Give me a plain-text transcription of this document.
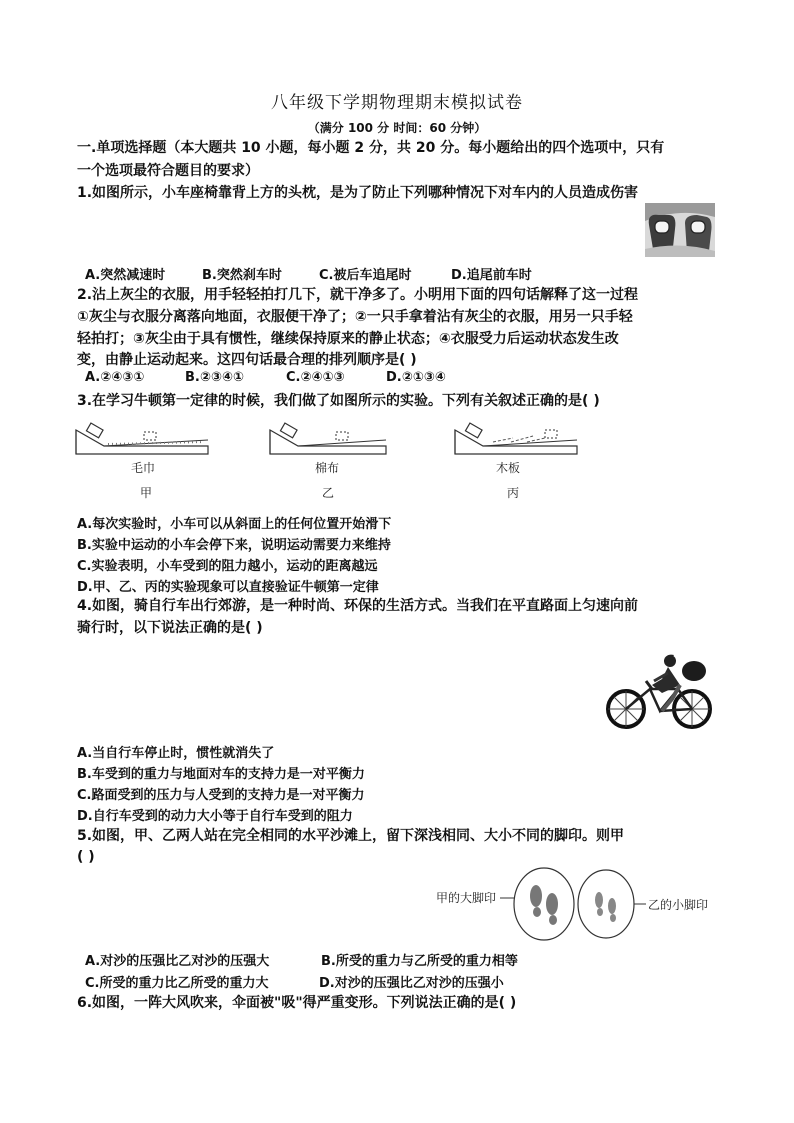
八年级下学期物理期末模拟试卷
（满分 100 分 时间：60 分钟）
一.单项选择题（本大题共 10 小题，每小题 2 分，共 20 分。每小题给出的四个选项中，只有
一个选项最符合题目的要求）
1.如图所示，小车座椅靠背上方的头枕，是为了防止下列哪种情况下对车内的人员造成伤害
A.突然减速时	B.突然刹车时	C.被后车追尾时	D.追尾前车时
2.沾上灰尘的衣服，用手轻轻拍打几下，就干净多了。小明用下面的四句话解释了这一过程
①灰尘与衣服分离落向地面，衣服便干净了；②一只手拿着沾有灰尘的衣服，用另一只手轻
轻拍打；③灰尘由于具有惯性，继续保持原来的静止状态；④衣服受力后运动状态发生改
变，由静止运动起来。这四句话最合理的排列顺序是( )
A.②④③①	B.②③④①	C.②④①③	D.②①③④
3.在学习牛顿第一定律的时候，我们做了如图所示的实验。下列有关叙述正确的是( )
毛巾	棉布	木板
甲	乙	丙
A.每次实验时，小车可以从斜面上的任何位置开始滑下
B.实验中运动的小车会停下来，说明运动需要力来维持
C.实验表明，小车受到的阻力越小，运动的距离越远
D.甲、乙、丙的实验现象可以直接验证牛顿第一定律
4.如图，骑自行车出行郊游，是一种时尚、环保的生活方式。当我们在平直路面上匀速向前
骑行时，以下说法正确的是( )
A.当自行车停止时，惯性就消失了
B.车受到的重力与地面对车的支持力是一对平衡力
C.路面受到的压力与人受到的支持力是一对平衡力
D.自行车受到的动力大小等于自行车受到的阻力
5.如图，甲、乙两人站在完全相同的水平沙滩上，留下深浅相同、大小不同的脚印。则甲
( )
甲的大脚印	乙的小脚印
A.对沙的压强比乙对沙的压强大	B.所受的重力与乙所受的重力相等
C.所受的重力比乙所受的重力大	D.对沙的压强比乙对沙的压强小
6.如图，一阵大风吹来，伞面被"吸"得严重变形。下列说法正确的是( )
